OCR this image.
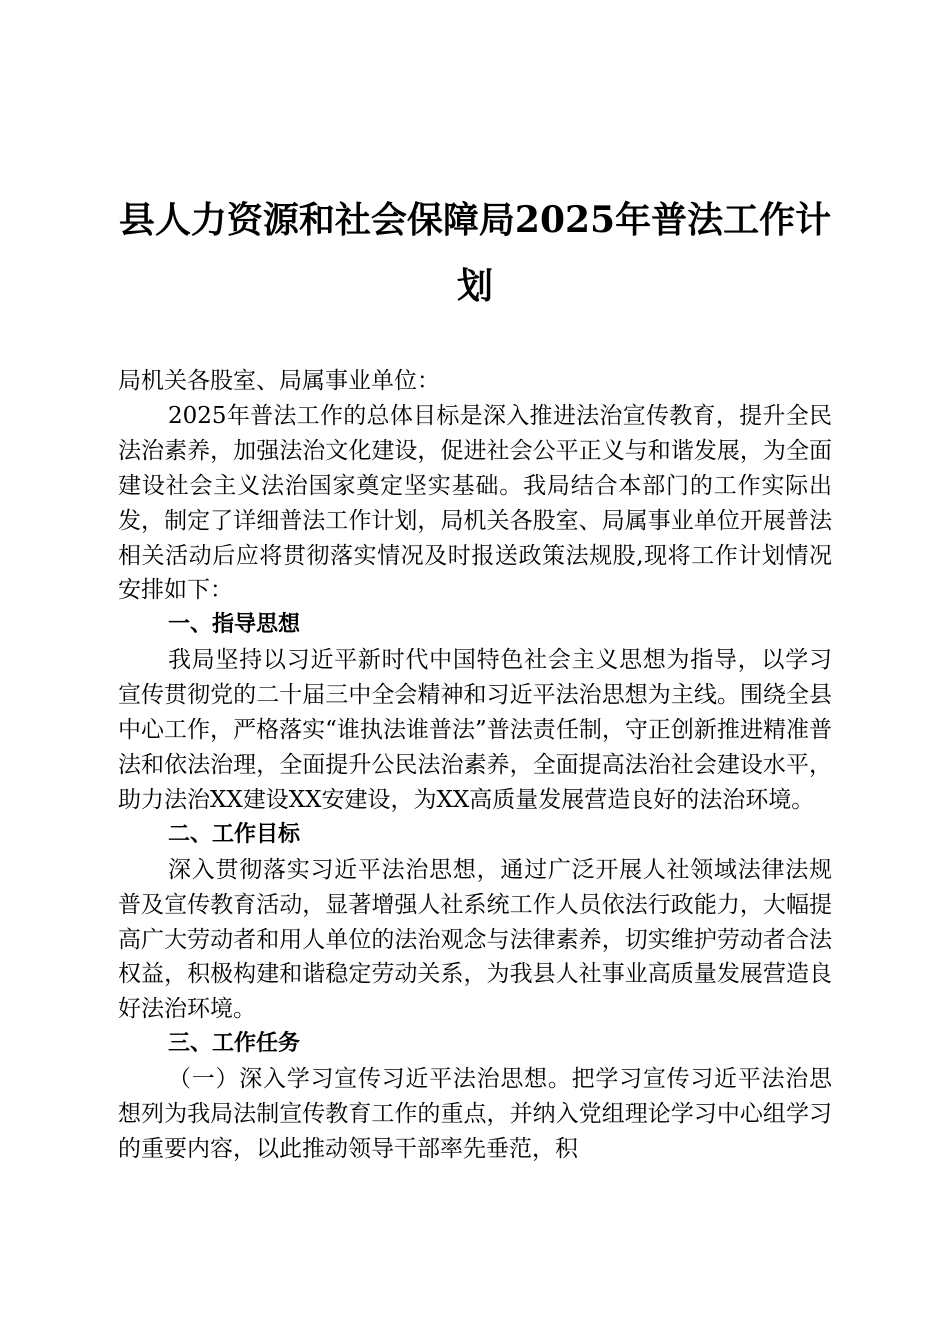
县人力资源和社会保障局2025年普法工作计
划

局机关各股室、局属事业单位：

2025年普法工作的总体目标是深入推进法治宣传教育，提升全民法治素养，加强法治文化建设，促进社会公平正义与和谐发展，为全面建设社会主义法治国家奠定坚实基础。我局结合本部门的工作实际出发，制定了详细普法工作计划，局机关各股室、局属事业单位开展普法相关活动后应将贯彻落实情况及时报送政策法规股,现将工作计划情况安排如下：

一、指导思想

我局坚持以习近平新时代中国特色社会主义思想为指导，以学习宣传贯彻党的二十届三中全会精神和习近平法治思想为主线。围绕全县中心工作，严格落实“谁执法谁普法”普法责任制，守正创新推进精准普法和依法治理，全面提升公民法治素养，全面提高法治社会建设水平，助力法治XX建设XX安建设，为XX高质量发展营造良好的法治环境。

二、工作目标

深入贯彻落实习近平法治思想，通过广泛开展人社领域法律法规普及宣传教育活动，显著增强人社系统工作人员依法行政能力，大幅提高广大劳动者和用人单位的法治观念与法律素养，切实维护劳动者合法权益，积极构建和谐稳定劳动关系，为我县人社事业高质量发展营造良好法治环境。

三、工作任务

（一）深入学习宣传习近平法治思想。把学习宣传习近平法治思想列为我局法制宣传教育工作的重点，并纳入党组理论学习中心组学习的重要内容，以此推动领导干部率先垂范，积
